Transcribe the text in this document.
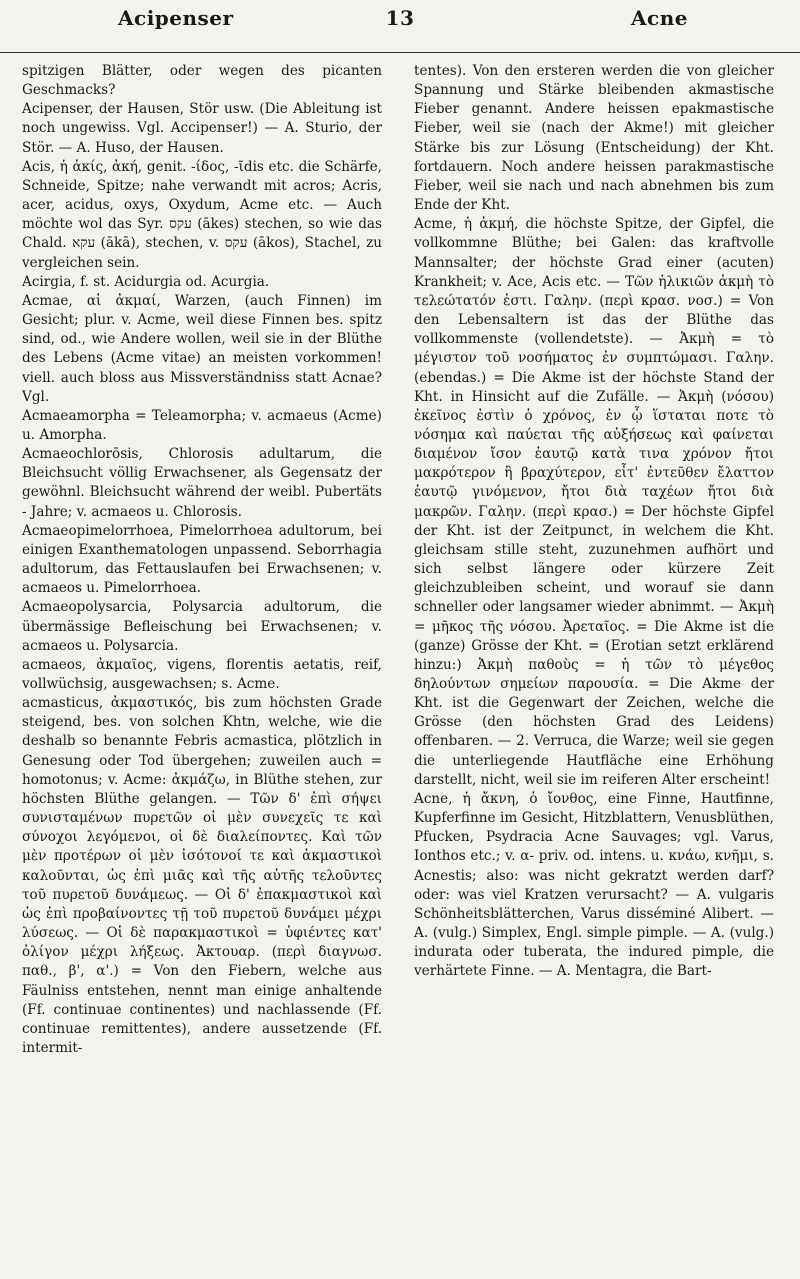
Acipenser	13	Acne

spitzigen Blätter, oder wegen des picanten Geschmacks?

Acipenser, der Hausen, Stör usw. (Die Ableitung ist noch ungewiss. Vgl. Accipenser!) — A. Sturio, der Stör. — A. Huso, der Hausen.

Acis, ἡ ἀκίς, ἀκή, genit. -ίδος, -ῖdis etc. die Schärfe, Schneide, Spitze; nahe verwandt mit acros; Acris, acer, acidus, oxys, Oxydum, Acme etc. — Auch möchte wol das Syr. עקס (ākes) stechen, so wie das Chald. עקא (ākā), stechen, v. עקס (ākos), Stachel, zu vergleichen sein.

Acirgia, f. st. Acidurgia od. Acurgia.

Acmae, αἱ ἀκμαί, Warzen, (auch Finnen) im Gesicht; plur. v. Acme, weil diese Finnen bes. spitz sind, od., wie Andere wollen, weil sie in der Blüthe des Lebens (Acme vitae) an meisten vorkommen! viell. auch bloss aus Missverständniss statt Acnae? Vgl.

Acmaeamorpha = Teleamorpha; v. acmaeus (Acme) u. Amorpha.

Acmaeochlorōsis, Chlorosis adultarum, die Bleichsucht völlig Erwachsener, als Gegensatz der gewöhnl. Bleichsucht während der weibl. Pubertäts - Jahre; v. acmaeos u. Chlorosis.

Acmaeopimelorrhoea, Pimelorrhoea adultorum, bei einigen Exanthematologen unpassend. Seborrhagia adultorum, das Fettauslaufen bei Erwachsenen; v. acmaeos u. Pimelorrhoea.

Acmaeopolysarcia, Polysarcia adultorum, die übermässige Befleischung bei Erwachsenen; v. acmaeos u. Polysarcia.

acmaeos, ἀκμαῖος, vigens, florentis aetatis, reif, vollwüchsig, ausgewachsen; s. Acme.

acmasticus, ἀκμαστικός, bis zum höchsten Grade steigend, bes. von solchen Khtn, welche, wie die deshalb so benannte Febris acmastica, plötzlich in Genesung oder Tod übergehen; zuweilen auch = homotonus; v. Acme: ἀκμάζω, in Blüthe stehen, zur höchsten Blüthe gelangen. — Τῶν δ' ἐπὶ σήψει συνισταμένων πυρετῶν οἱ μὲν συνεχεῖς τε καὶ σύνοχοι λεγόμενοι, οἱ δὲ διαλείποντες. Καὶ τῶν μὲν προτέρων οἱ μὲν ἰσότονοί τε καὶ ἀκμαστικοὶ καλοῦνται, ὡς ἐπὶ μιᾶς καὶ τῆς αὐτῆς τελοῦντες τοῦ πυρετοῦ δυνάμεως. — Οἱ δ' ἐπακμαστικοὶ καὶ ὡς ἐπὶ προβαίνοντες τῇ τοῦ πυρετοῦ δυνάμει μέχρι λύσεως. — Οἱ δὲ παρακμαστικοὶ = ὑφιέντες κατ' ὀλίγον μέχρι λήξεως. Ἀκτουαρ. (περὶ διαγνωσ. παθ., β', α'.) = Von den Fiebern, welche aus Fäulniss entstehen, nennt man einige anhaltende (Ff. continuae continentes) und nachlassende (Ff. continuae remittentes), andere aussetzende (Ff. intermit-

tentes). Von den ersteren werden die von gleicher Spannung und Stärke bleibenden akmastische Fieber genannt. Andere heissen epakmastische Fieber, weil sie (nach der Akme!) mit gleicher Stärke bis zur Lösung (Entscheidung) der Kht. fortdauern. Noch andere heissen parakmastische Fieber, weil sie nach und nach abnehmen bis zum Ende der Kht.

Acme, ἡ ἀκμή, die höchste Spitze, der Gipfel, die vollkommne Blüthe; bei Galen: das kraftvolle Mannsalter; der höchste Grad einer (acuten) Krankheit; v. Ace, Acis etc. — Τῶν ἡλικιῶν ἀκμὴ τὸ τελεώτατόν ἐστι. Γαλην. (περὶ κρασ. νοσ.) = Von den Lebensaltern ist das der Blüthe das vollkommenste (vollendetste). — Ἀκμὴ = τὸ μέγιστον τοῦ νοσήματος ἐν συμπτώμασι. Γαλην. (ebendas.) = Die Akme ist der höchste Stand der Kht. in Hinsicht auf die Zufälle. — Ἀκμὴ (νόσου) ἐκεῖνος ἐστὶν ὁ χρόνος, ἐν ᾧ ἵσταται ποτε τὸ νόσημα καὶ παύεται τῆς αὐξήσεως καὶ φαίνεται διαμένον ἴσον ἑαυτῷ κατὰ τινα χρόνον ἤτοι μακρότερον ἢ βραχύτερον, εἶτ' ἐντεῦθεν ἔλαττον ἑαυτῷ γινόμενον, ἤτοι διὰ ταχέων ἤτοι διὰ μακρῶν. Γαλην. (περὶ κρασ.) = Der höchste Gipfel der Kht. ist der Zeitpunct, in welchem die Kht. gleichsam stille steht, zuzunehmen aufhört und sich selbst längere oder kürzere Zeit gleichzubleiben scheint, und worauf sie dann schneller oder langsamer wieder abnimmt. — Ἀκμὴ = μῆκος τῆς νόσου. Ἀρεταῖος. = Die Akme ist die (ganze) Grösse der Kht. = (Erotian setzt erklärend hinzu:) Ἀκμὴ παθοὺς = ἡ τῶν τὸ μέγεθος δηλούντων σημείων παρουσία. = Die Akme der Kht. ist die Gegenwart der Zeichen, welche die Grösse (den höchsten Grad des Leidens) offenbaren. — 2. Verruca, die Warze; weil sie gegen die unterliegende Hautfläche eine Erhöhung darstellt, nicht, weil sie im reiferen Alter erscheint!

Acne, ἡ ἄκνη, ὁ ἴονθος, eine Finne, Hautfinne, Kupferfinne im Gesicht, Hitzblattern, Venusblüthen, Pfucken, Psydracia Acne Sauvages; vgl. Varus, Ionthos etc.; v. α- priv. od. intens. u. κνάω, κνῆμι, s. Acnestis; also: was nicht gekratzt werden darf? oder: was viel Kratzen verursacht? — A. vulgaris Schönheitsblätterchen, Varus disséminé Alibert. — A. (vulg.) Simplex, Engl. simple pimple. — A. (vulg.) indurata oder tuberata, the indured pimple, die verhärtete Finne. — A. Mentagra, die Bart-
